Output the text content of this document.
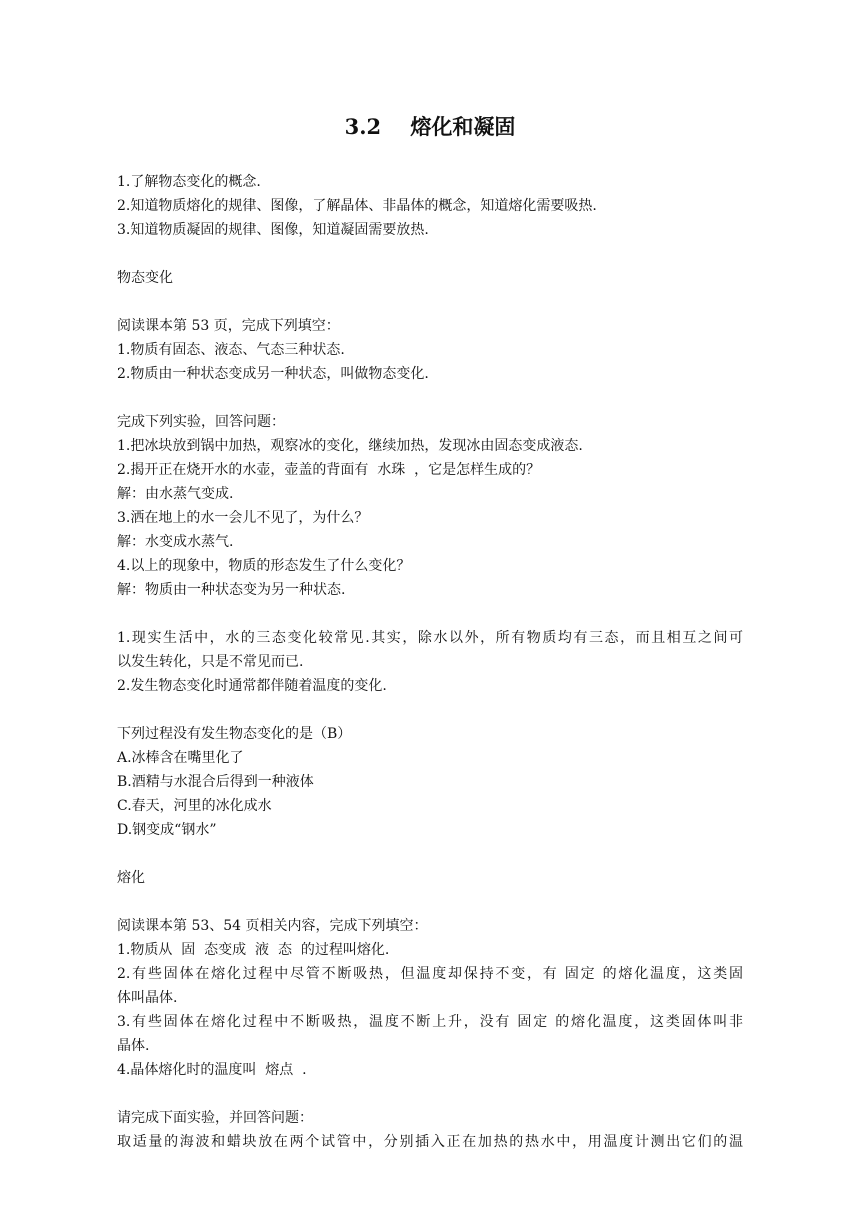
3.2    熔化和凝固
1.了解物态变化的概念.
2.知道物质熔化的规律、图像，了解晶体、非晶体的概念，知道熔化需要吸热.
3.知道物质凝固的规律、图像，知道凝固需要放热.
物态变化
阅读课本第 53 页，完成下列填空：
1.物质有固态、液态、气态三种状态.
2.物质由一种状态变成另一种状态，叫做物态变化.
完成下列实验，回答问题：
1.把冰块放到锅中加热，观察冰的变化，继续加热，发现冰由固态变成液态.
2.揭开正在烧开水的水壶，壶盖的背面有  水珠  ，它是怎样生成的？
解：由水蒸气变成.
3.洒在地上的水一会儿不见了，为什么？
解：水变成水蒸气.
4.以上的现象中，物质的形态发生了什么变化？
解：物质由一种状态变为另一种状态.
1.现实生活中，水的三态变化较常见.其实，除水以外，所有物质均有三态，而且相互之间可
以发生转化，只是不常见而已.
2.发生物态变化时通常都伴随着温度的变化.
下列过程没有发生物态变化的是（B）
A.冰棒含在嘴里化了
B.酒精与水混合后得到一种液体
C.春天，河里的冰化成水
D.钢变成“钢水”
熔化
阅读课本第 53、54 页相关内容，完成下列填空：
1.物质从  固  态变成  液  态  的过程叫熔化.
2.有些固体在熔化过程中尽管不断吸热，但温度却保持不变，有 固定 的熔化温度，这类固
体叫晶体.
3.有些固体在熔化过程中不断吸热，温度不断上升，没有 固定 的熔化温度，这类固体叫非
晶体.
4.晶体熔化时的温度叫  熔点  .
请完成下面实验，并回答问题：
取适量的海波和蜡块放在两个试管中，分别插入正在加热的热水中，用温度计测出它们的温
